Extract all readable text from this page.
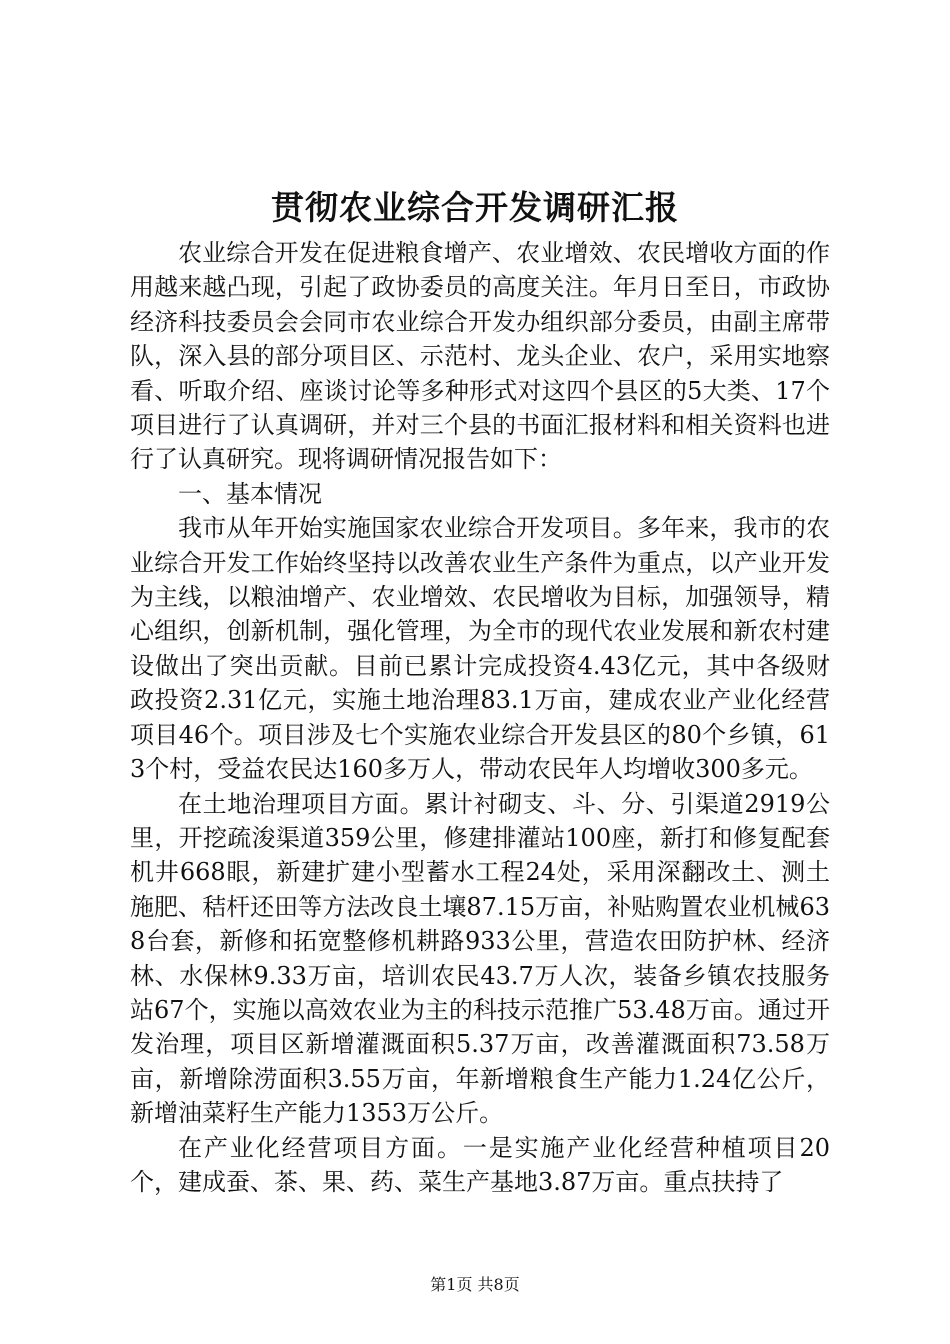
贯彻农业综合开发调研汇报

农业综合开发在促进粮食增产、农业增效、农民增收方面的作用越来越凸现，引起了政协委员的高度关注。年月日至日，市政协经济科技委员会会同市农业综合开发办组织部分委员，由副主席带队，深入县的部分项目区、示范村、龙头企业、农户，采用实地察看、听取介绍、座谈讨论等多种形式对这四个县区的5大类、17个项目进行了认真调研，并对三个县的书面汇报材料和相关资料也进行了认真研究。现将调研情况报告如下：

一、基本情况

我市从年开始实施国家农业综合开发项目。多年来，我市的农业综合开发工作始终坚持以改善农业生产条件为重点，以产业开发为主线，以粮油增产、农业增效、农民增收为目标，加强领导，精心组织，创新机制，强化管理，为全市的现代农业发展和新农村建设做出了突出贡献。目前已累计完成投资4.43亿元，其中各级财政投资2.31亿元，实施土地治理83.1万亩，建成农业产业化经营项目46个。项目涉及七个实施农业综合开发县区的80个乡镇，613个村，受益农民达160多万人，带动农民年人均增收300多元。

在土地治理项目方面。累计衬砌支、斗、分、引渠道2919公里，开挖疏浚渠道359公里，修建排灌站100座，新打和修复配套机井668眼，新建扩建小型蓄水工程24处，采用深翻改土、测土施肥、秸杆还田等方法改良土壤87.15万亩，补贴购置农业机械638台套，新修和拓宽整修机耕路933公里，营造农田防护林、经济林、水保林9.33万亩，培训农民43.7万人次，装备乡镇农技服务站67个，实施以高效农业为主的科技示范推广53.48万亩。通过开发治理，项目区新增灌溉面积5.37万亩，改善灌溉面积73.58万亩，新增除涝面积3.55万亩，年新增粮食生产能力1.24亿公斤，新增油菜籽生产能力1353万公斤。

在产业化经营项目方面。一是实施产业化经营种植项目20个，建成蚕、茶、果、药、菜生产基地3.87万亩。重点扶持了

第1页 共8页
